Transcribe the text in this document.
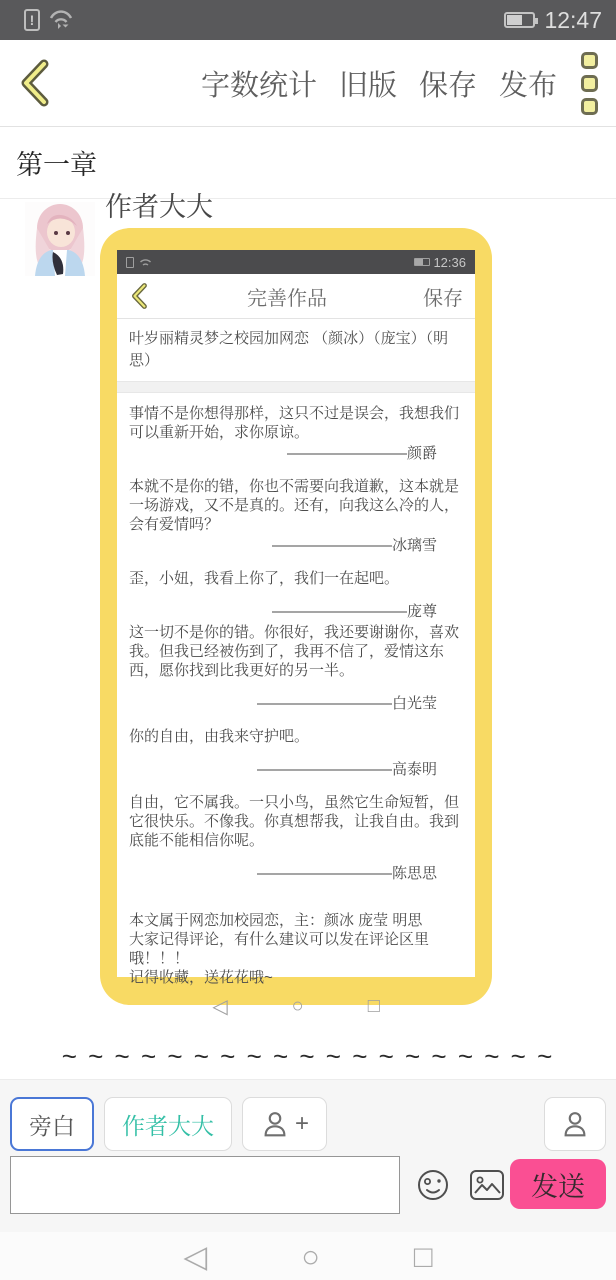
!	12:47
字数统计 旧版 保存 发布
第一章
作者大大
12:36
完善作品	保存
叶岁丽精灵梦之校园加网恋 （颜冰）（庞宝）（明思）
事情不是你想得那样，这只不过是误会，我想我们可以重新开始，求你原谅。
————————颜爵
本就不是你的错，你也不需要向我道歉，这本就是一场游戏，又不是真的。还有，向我这么冷的人，会有爱情吗？
————————冰璃雪
歪，小妞，我看上你了，我们一在起吧。
—————————庞尊
这一切不是你的错。你很好，我还要谢谢你，喜欢我。但我已经被伤到了，我再不信了，爱情这东西，愿你找到比我更好的另一半。
—————————白光莹
你的自由，由我来守护吧。
—————————高泰明
自由，它不属我。一只小鸟，虽然它生命短暂，但它很快乐。不像我。你真想帮我，让我自由。我到底能不能相信你呢。
—————————陈思思
本文属于网恋加校园恋，主：颜冰 庞莹 明思
大家记得评论，有什么建议可以发在评论区里哦！！！
记得收藏，送花花哦~
◁	○	□
~ ~ ~ ~ ~ ~ ~ ~ ~ ~ ~ ~ ~ ~ ~ ~ ~ ~ ~
旁白 作者大大	+
发送
◁	○	□
